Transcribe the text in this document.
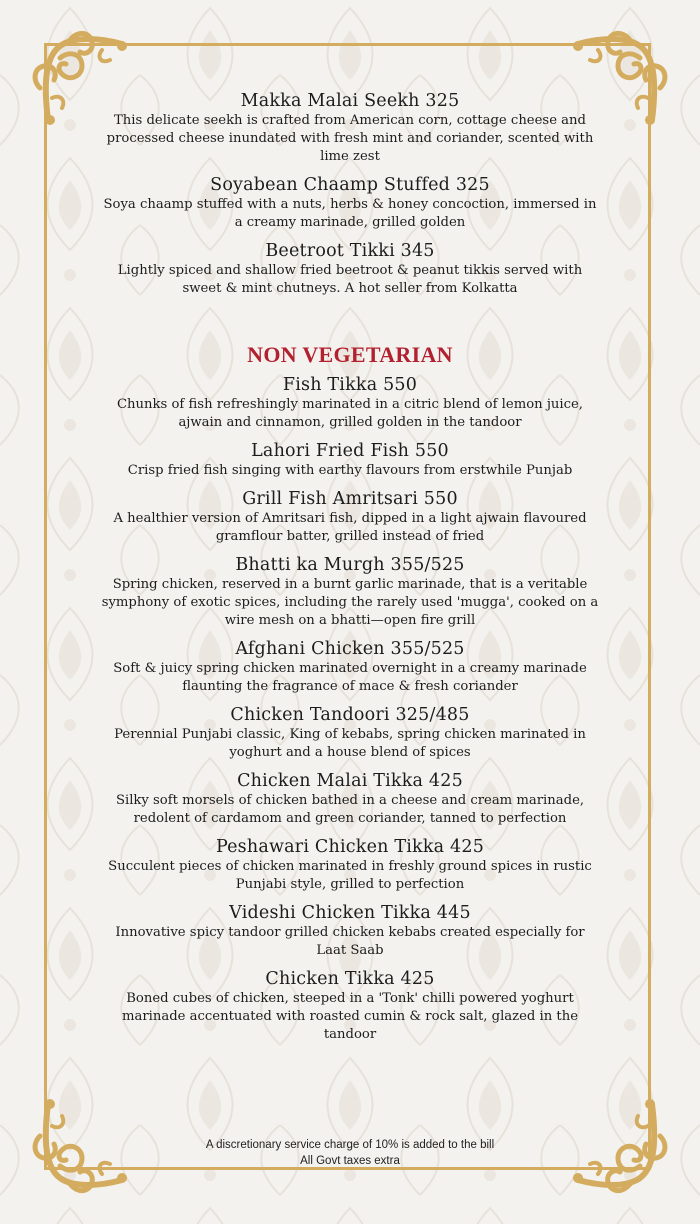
Makka Malai Seekh 325
This delicate seekh is crafted from American corn, cottage cheese and processed cheese inundated with fresh mint and coriander, scented with lime zest
Soyabean Chaamp Stuffed 325
Soya chaamp stuffed with a nuts, herbs & honey concoction, immersed in a creamy marinade, grilled golden
Beetroot Tikki 345
Lightly spiced and shallow fried beetroot & peanut tikkis served with sweet & mint chutneys. A hot seller from Kolkatta
NON VEGETARIAN
Fish Tikka 550
Chunks of fish refreshingly marinated in a citric blend of lemon juice, ajwain and cinnamon, grilled golden in the tandoor
Lahori Fried Fish 550
Crisp fried fish singing with earthy flavours from erstwhile Punjab
Grill Fish Amritsari 550
A healthier version of Amritsari fish, dipped in a light ajwain flavoured gramflour batter, grilled instead of fried
Bhatti ka Murgh 355/525
Spring chicken, reserved in a burnt garlic marinade, that is a veritable symphony of exotic spices, including the rarely used 'mugga', cooked on a wire mesh on a bhatti—open fire grill
Afghani Chicken 355/525
Soft & juicy spring chicken marinated overnight in a creamy marinade flaunting the fragrance of mace & fresh coriander
Chicken Tandoori 325/485
Perennial Punjabi classic, King of kebabs, spring chicken marinated in yoghurt and a house blend of spices
Chicken Malai Tikka 425
Silky soft morsels of chicken bathed in a cheese and cream marinade, redolent of cardamom and green coriander, tanned to perfection
Peshawari Chicken Tikka 425
Succulent pieces of chicken marinated in freshly ground spices in rustic Punjabi style, grilled to perfection
Videshi Chicken Tikka 445
Innovative spicy tandoor grilled chicken kebabs created especially for Laat Saab
Chicken Tikka 425
Boned cubes of chicken, steeped in a 'Tonk' chilli powered yoghurt marinade accentuated with roasted cumin & rock salt, glazed in the tandoor
A discretionary service charge of 10% is added to the bill
All Govt taxes extra
